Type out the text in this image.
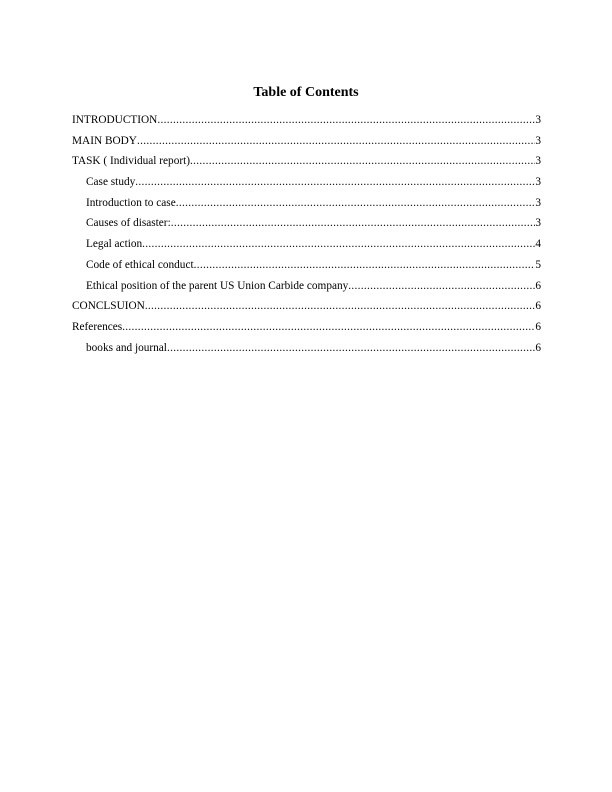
Table of Contents
INTRODUCTION .....	3
MAIN BODY .....	3
TASK ( Individual report) .....	3
Case study .....	3
Introduction to case .....	3
Causes of disaster: .....	3
Legal action .....	4
Code of ethical conduct .....	5
Ethical position of the parent US Union Carbide company .....	6
CONCLSUION .....	6
References .....	6
books and journal .....	6
